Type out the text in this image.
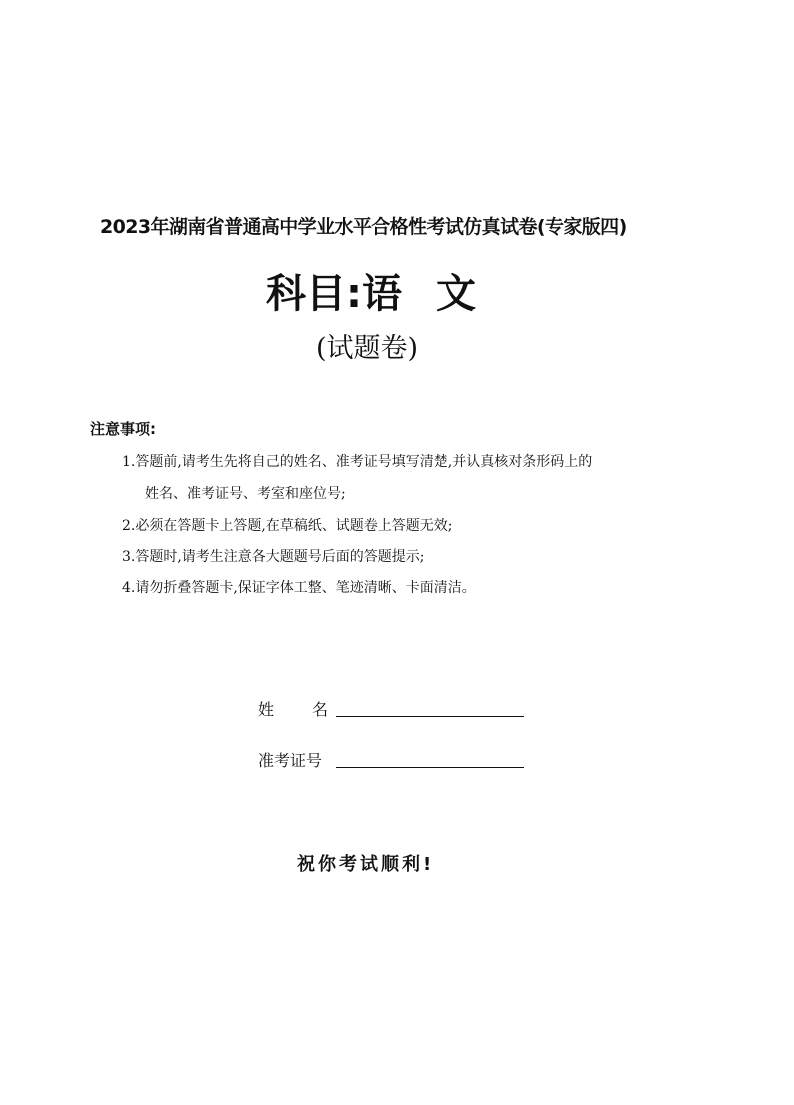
2023年湖南省普通高中学业水平合格性考试仿真试卷(专家版四)
科目:语 文
(试题卷)
注意事项:
1.答题前,请考生先将自己的姓名、准考证号填写清楚,并认真核对条形码上的
姓名、准考证号、考室和座位号;
2.必须在答题卡上答题,在草稿纸、试题卷上答题无效;
3.答题时,请考生注意各大题题号后面的答题提示;
4.请勿折叠答题卡,保证字体工整、笔迹清晰、卡面清洁。
姓名
准考证号
祝你考试顺利!
